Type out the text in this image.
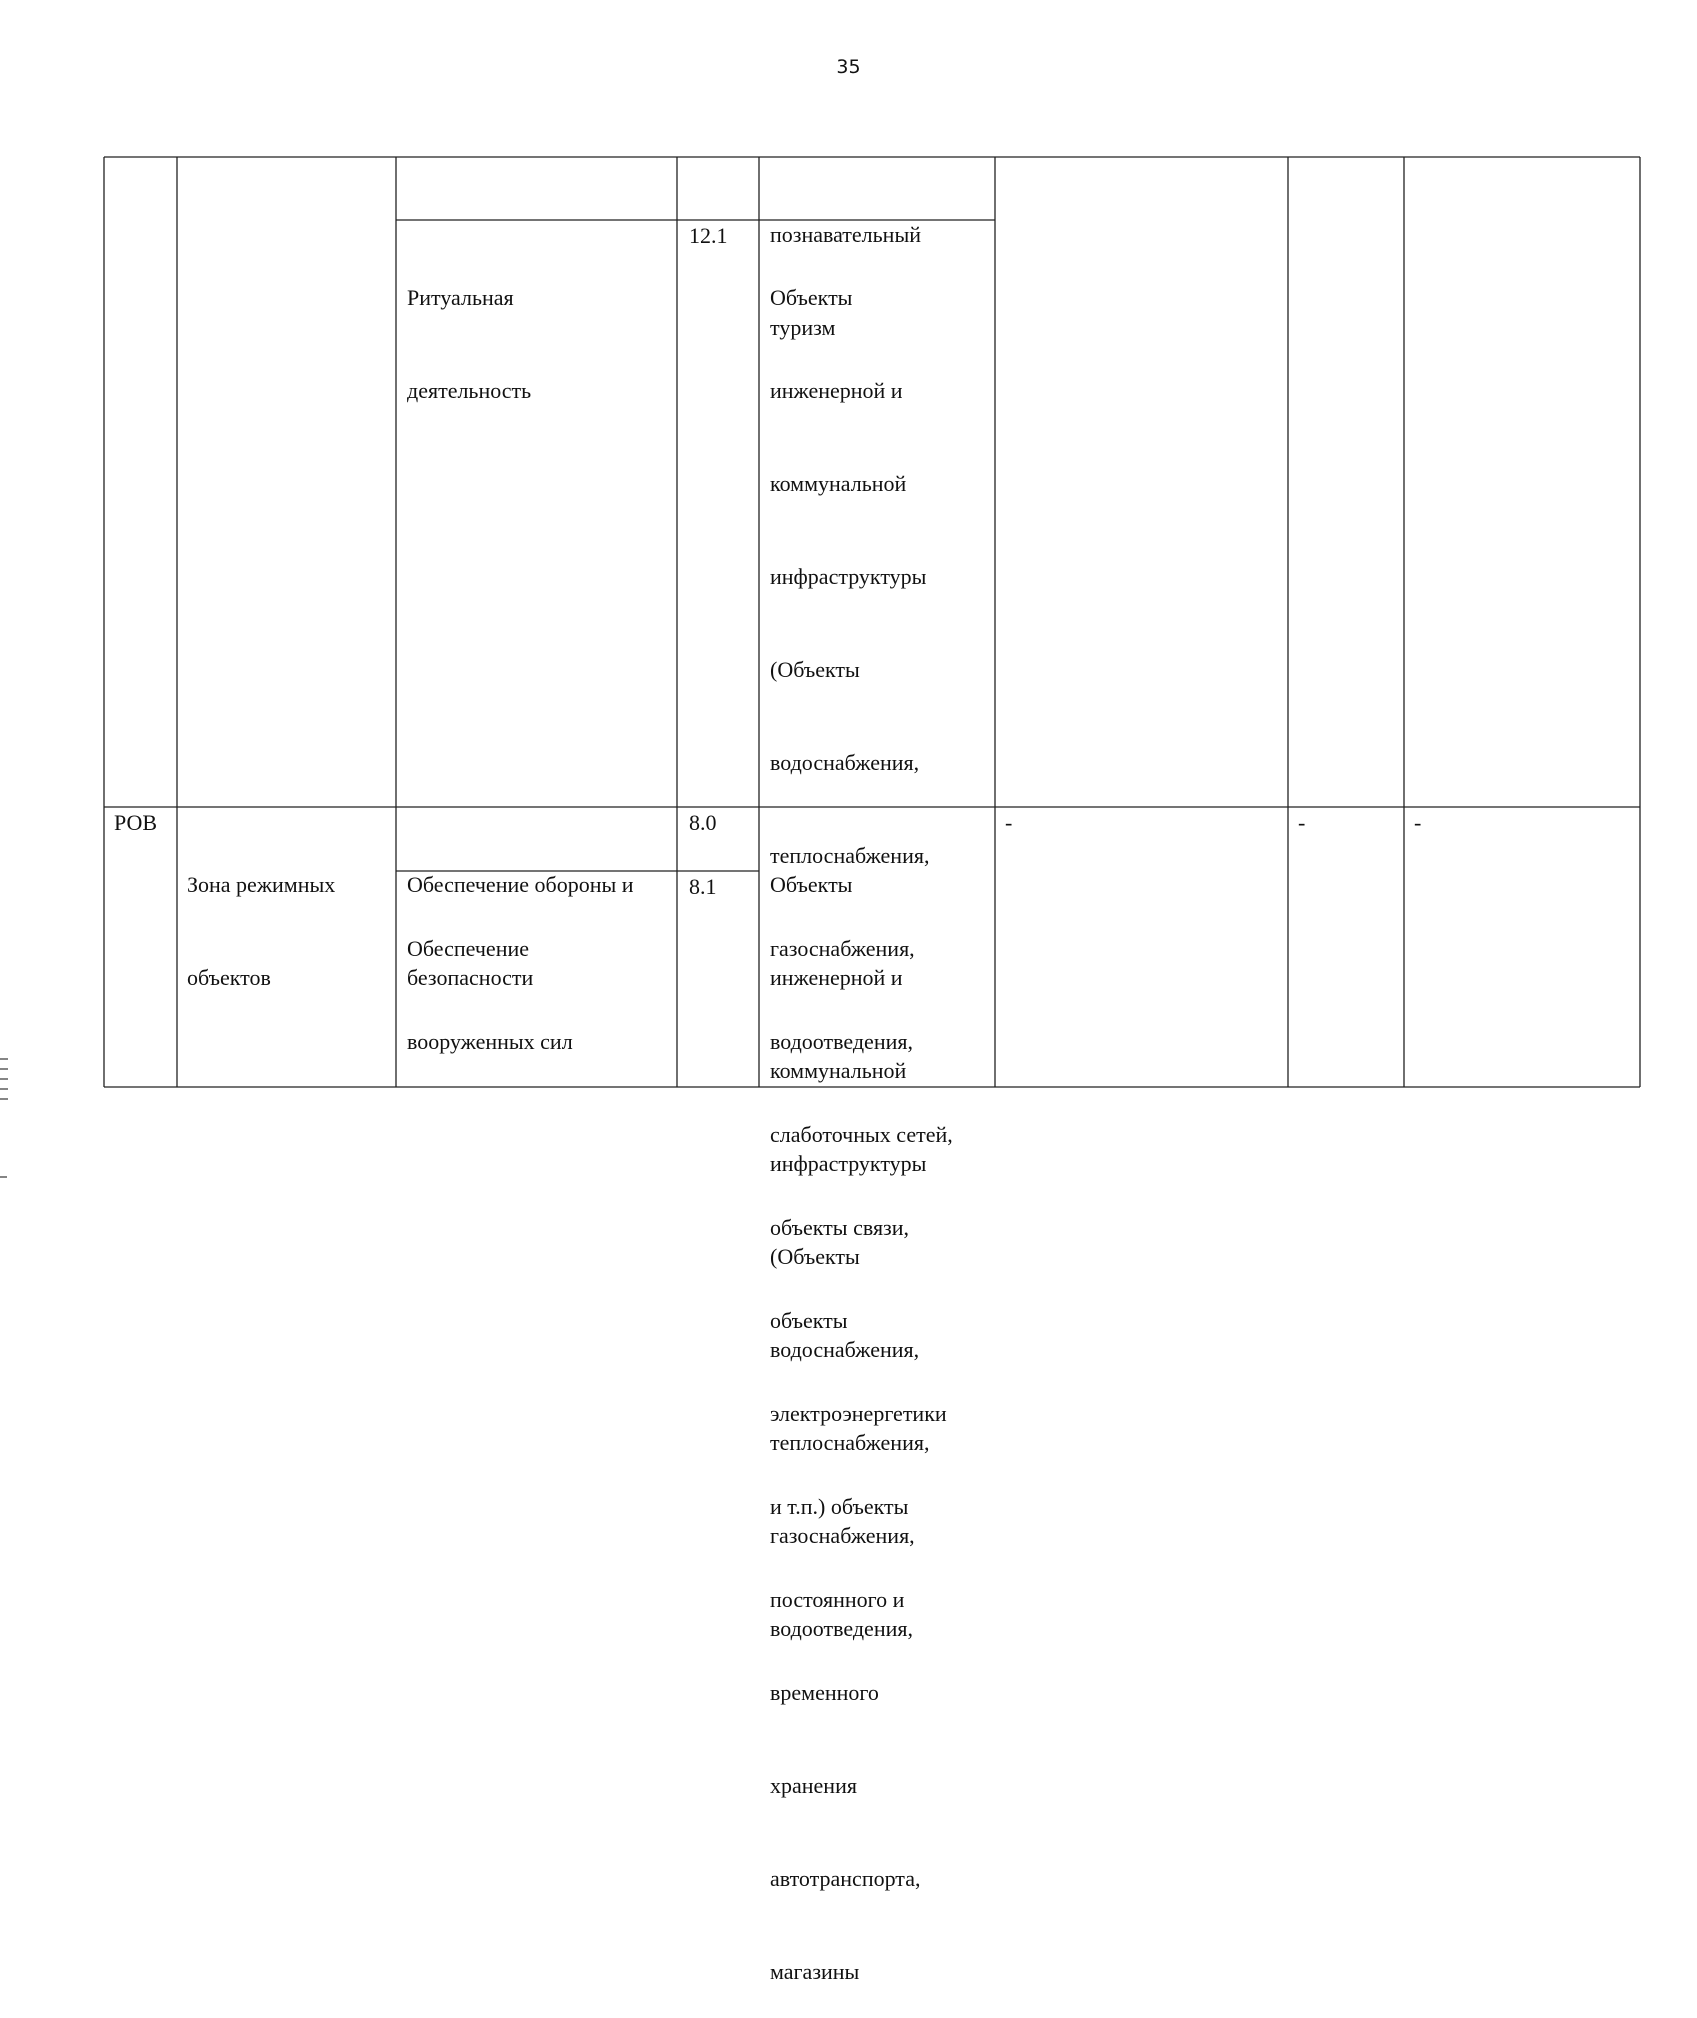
35

познавательный

туризм

Ритуальная

деятельность

12.1

Объекты

инженерной и

коммунальной

инфраструктуры

(Объекты

водоснабжения,

теплоснабжения,

газоснабжения,

водоотведения,

слаботочных сетей,

объекты связи,

объекты

электроэнергетики

и т.п.) объекты

постоянного и

временного

хранения

автотранспорта,

магазины

РОВ

Зона режимных

объектов

Обеспечение обороны и

безопасности

8.0

Обеспечение

вооруженных сил

8.1

Объекты

инженерной и

коммунальной

инфраструктуры

(Объекты

водоснабжения,

теплоснабжения,

газоснабжения,

водоотведения,

-	-	-
